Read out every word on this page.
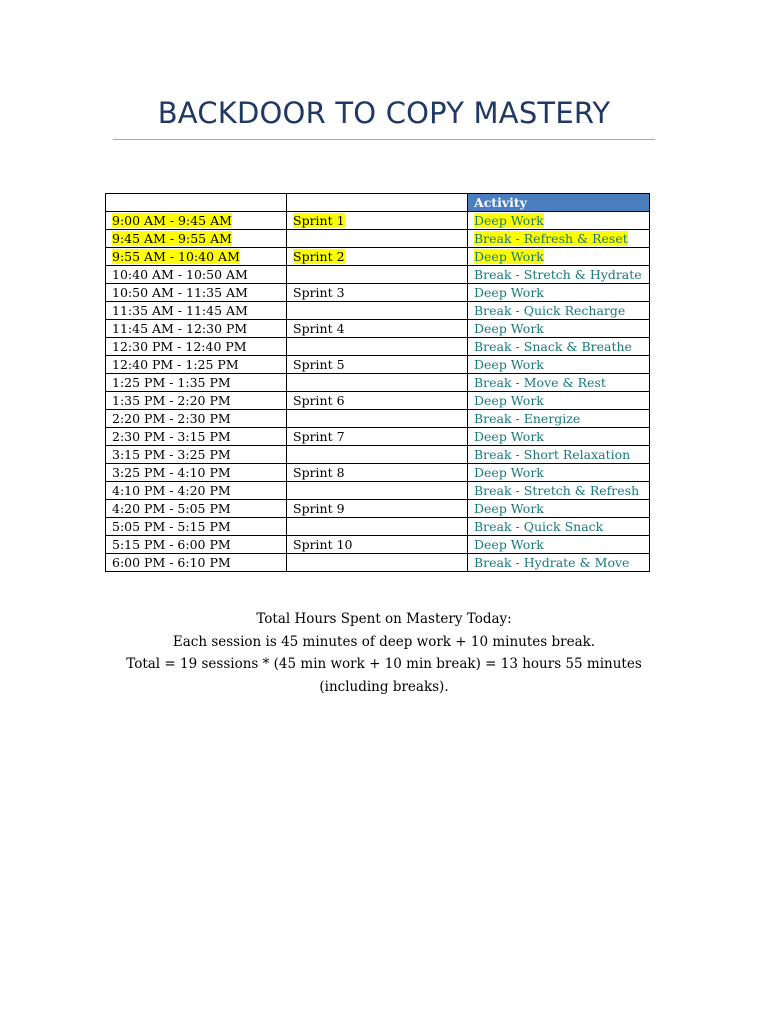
BACKDOOR TO COPY MASTERY
		Activity
9:00 AM - 9:45 AM	Sprint 1	Deep Work
9:45 AM - 9:55 AM		Break - Refresh & Reset
9:55 AM - 10:40 AM	Sprint 2	Deep Work
10:40 AM - 10:50 AM		Break - Stretch & Hydrate
10:50 AM - 11:35 AM	Sprint 3	Deep Work
11:35 AM - 11:45 AM		Break - Quick Recharge
11:45 AM - 12:30 PM	Sprint 4	Deep Work
12:30 PM - 12:40 PM		Break - Snack & Breathe
12:40 PM - 1:25 PM	Sprint 5	Deep Work
1:25 PM - 1:35 PM		Break - Move & Rest
1:35 PM - 2:20 PM	Sprint 6	Deep Work
2:20 PM - 2:30 PM		Break - Energize
2:30 PM - 3:15 PM	Sprint 7	Deep Work
3:15 PM - 3:25 PM		Break - Short Relaxation
3:25 PM - 4:10 PM	Sprint 8	Deep Work
4:10 PM - 4:20 PM		Break - Stretch & Refresh
4:20 PM - 5:05 PM	Sprint 9	Deep Work
5:05 PM - 5:15 PM		Break - Quick Snack
5:15 PM - 6:00 PM	Sprint 10	Deep Work
6:00 PM - 6:10 PM		Break - Hydrate & Move
Total Hours Spent on Mastery Today:
Each session is 45 minutes of deep work + 10 minutes break.
Total = 19 sessions * (45 min work + 10 min break) = 13 hours 55 minutes
(including breaks).
